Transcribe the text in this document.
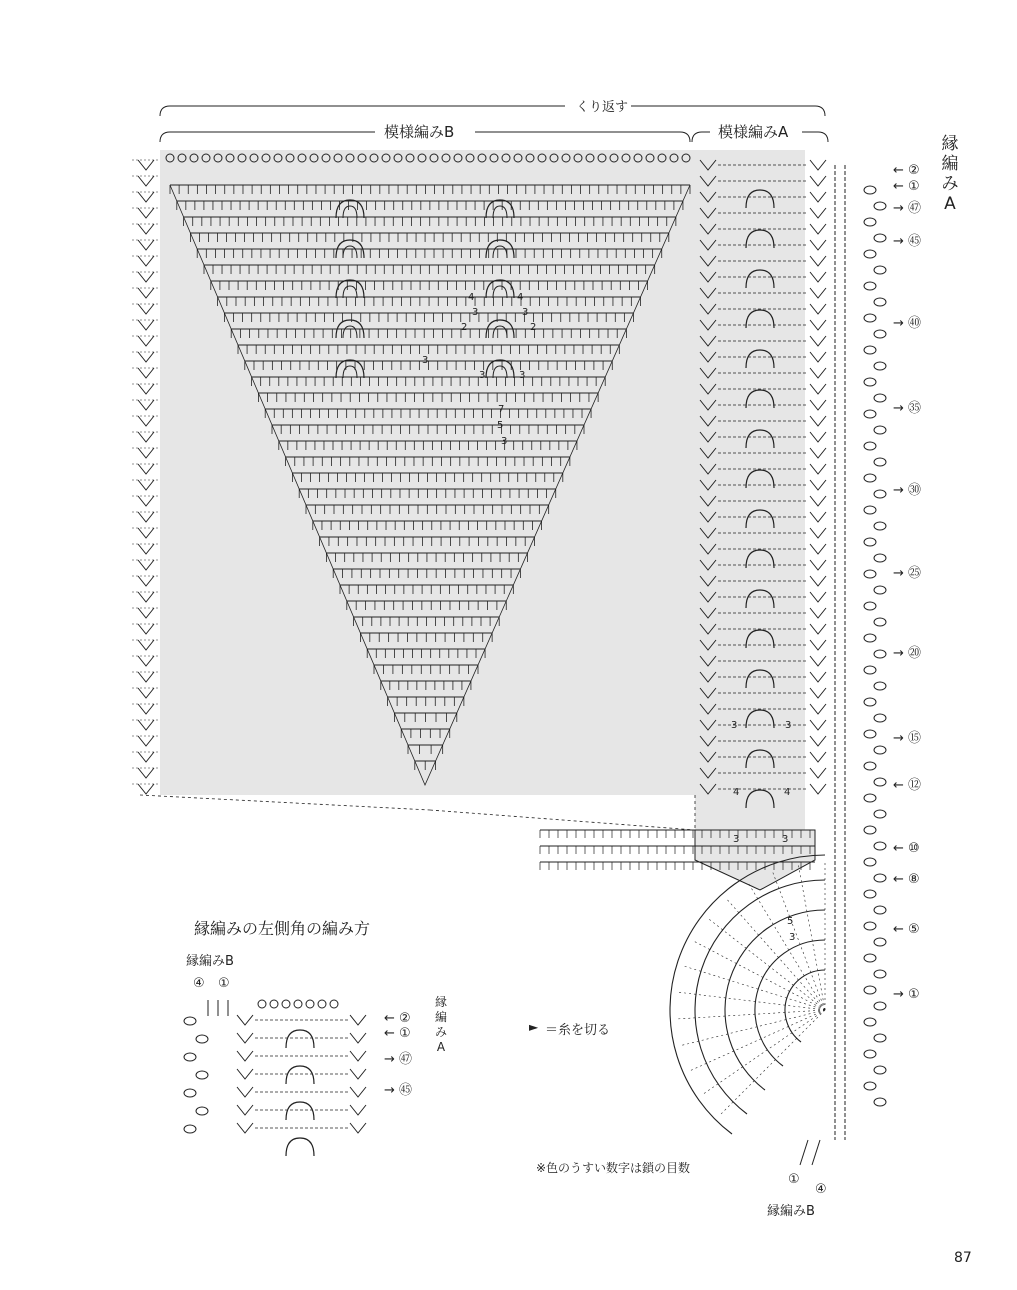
くり返す
模様編みB	模様編みA
縁編みA
← ②
← ①
→ ㊼
→ ㊺
→ ㊵
→ ㉟
→ ㉚
→ ㉕
→ ⑳
→ ⑮
← ⑫
← ⑩
← ⑧
← ⑤
→ ①
4	4
3	3
2	2
3
3	3
7
5
3
3	3
4	4
3	3
5
3
縁編みの左側角の編み方
縁編みB
④ ①
縁編みA
← ②
← ①
→ ㊼
→ ㊺
► ＝糸を切る
※色のうすい数字は鎖の目数
①
④
縁編みB
87
